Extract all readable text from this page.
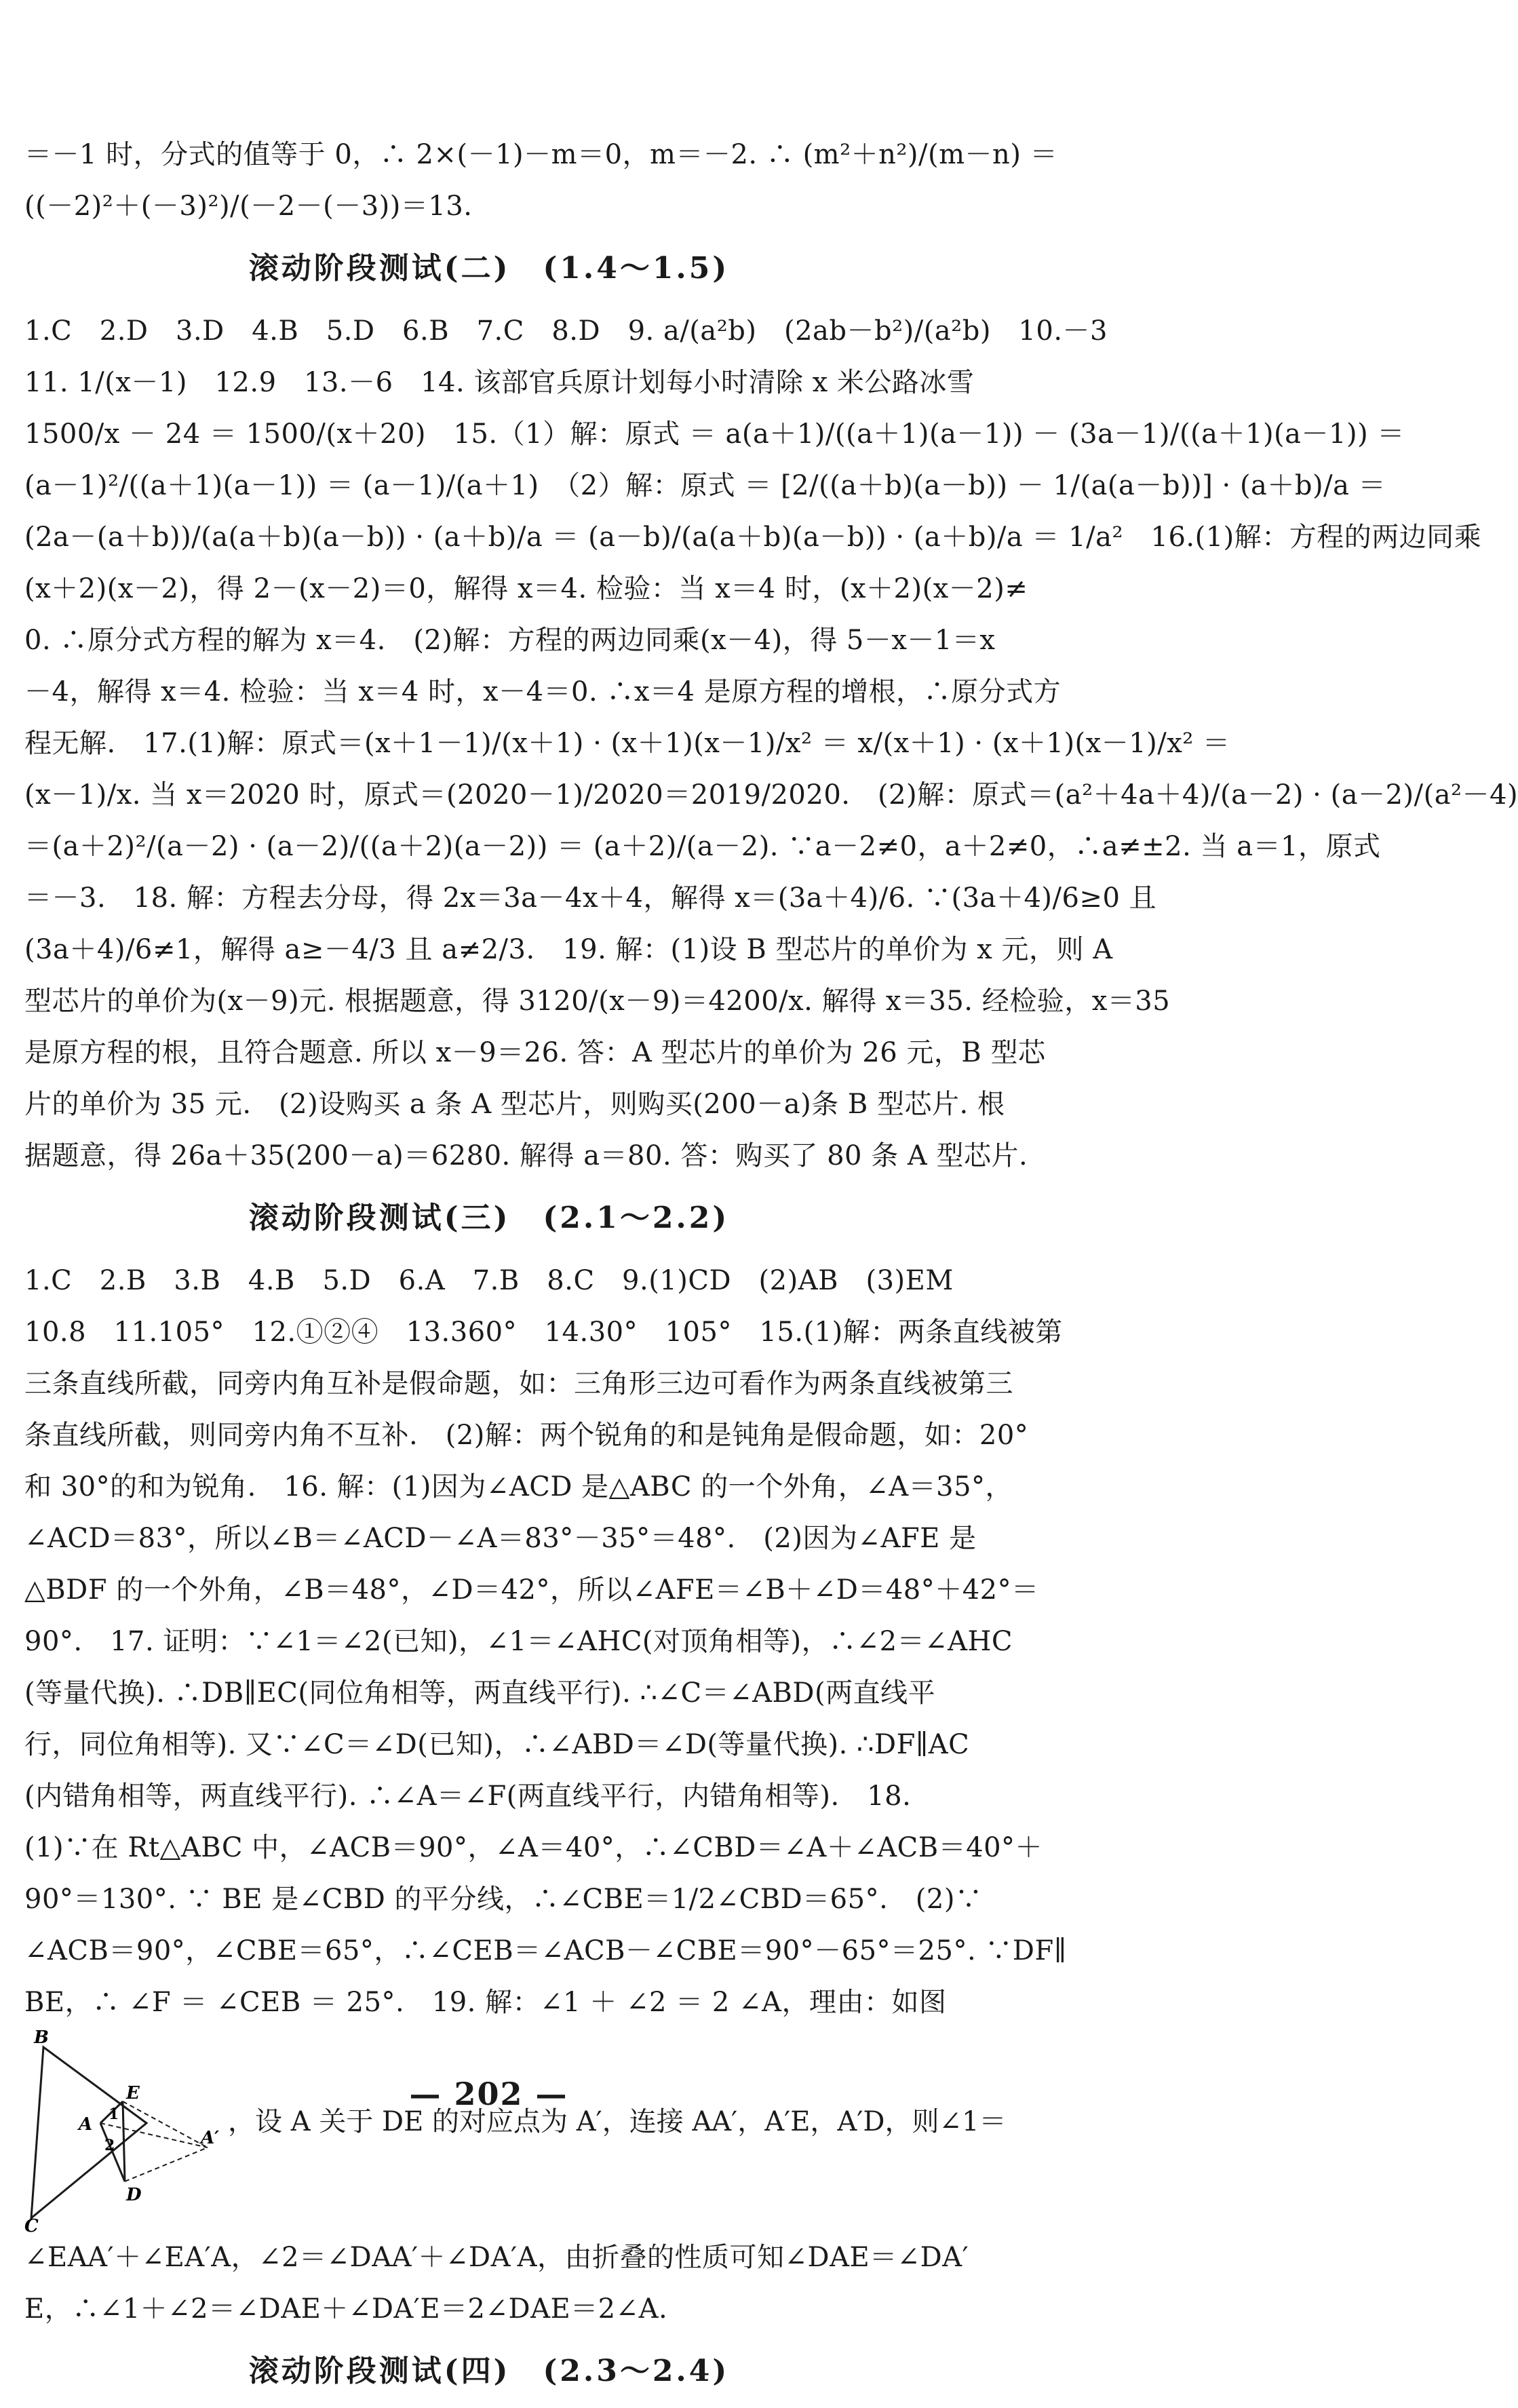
＝－1 时，分式的值等于 0，∴ 2×(－1)－m＝0，m＝－2. ∴ (m²＋n²)/(m－n) ＝
((－2)²＋(－3)²)/(－2－(－3))＝13.
滚动阶段测试(二)　(1.4～1.5)
1.C　2.D　3.D　4.B　5.D　6.B　7.C　8.D　9. a/(a²b)　(2ab－b²)/(a²b)　10.－3
11. 1/(x－1)　12.9　13.－6　14. 该部官兵原计划每小时清除 x 米公路冰雪
1500/x － 24 ＝ 1500/(x＋20)　15.（1）解：原式 ＝ a(a＋1)/((a＋1)(a－1)) － (3a－1)/((a＋1)(a－1)) ＝
(a－1)²/((a＋1)(a－1)) ＝ (a－1)/(a＋1)　（2）解：原式 ＝ [2/((a＋b)(a－b)) － 1/(a(a－b))] · (a＋b)/a ＝
(2a－(a＋b))/(a(a＋b)(a－b)) · (a＋b)/a ＝ (a－b)/(a(a＋b)(a－b)) · (a＋b)/a ＝ 1/a²　16.(1)解：方程的两边同乘
(x＋2)(x－2)，得 2－(x－2)＝0，解得 x＝4. 检验：当 x＝4 时，(x＋2)(x－2)≠
0. ∴原分式方程的解为 x＝4.　(2)解：方程的两边同乘(x－4)，得 5－x－1＝x
－4，解得 x＝4. 检验：当 x＝4 时，x－4＝0. ∴x＝4 是原方程的增根，∴原分式方
程无解.　17.(1)解：原式＝(x＋1－1)/(x＋1) · (x＋1)(x－1)/x² ＝ x/(x＋1) · (x＋1)(x－1)/x² ＝
(x－1)/x. 当 x＝2020 时，原式＝(2020－1)/2020＝2019/2020.　(2)解：原式＝(a²＋4a＋4)/(a－2) · (a－2)/(a²－4)
＝(a＋2)²/(a－2) · (a－2)/((a＋2)(a－2)) ＝ (a＋2)/(a－2). ∵a－2≠0，a＋2≠0，∴a≠±2. 当 a＝1，原式
＝－3.　18. 解：方程去分母，得 2x＝3a－4x＋4，解得 x＝(3a＋4)/6. ∵(3a＋4)/6≥0 且
(3a＋4)/6≠1，解得 a≥－4/3 且 a≠2/3.　19. 解：(1)设 B 型芯片的单价为 x 元，则 A
型芯片的单价为(x－9)元. 根据题意，得 3120/(x－9)＝4200/x. 解得 x＝35. 经检验，x＝35
是原方程的根，且符合题意. 所以 x－9＝26. 答：A 型芯片的单价为 26 元，B 型芯
片的单价为 35 元.　(2)设购买 a 条 A 型芯片，则购买(200－a)条 B 型芯片. 根
据题意，得 26a＋35(200－a)＝6280. 解得 a＝80. 答：购买了 80 条 A 型芯片.
滚动阶段测试(三)　(2.1～2.2)
1.C　2.B　3.B　4.B　5.D　6.A　7.B　8.C　9.(1)CD　(2)AB　(3)EM
10.8　11.105°　12.①②④　13.360°　14.30°　105°　15.(1)解：两条直线被第
三条直线所截，同旁内角互补是假命题，如：三角形三边可看作为两条直线被第三
条直线所截，则同旁内角不互补.　(2)解：两个锐角的和是钝角是假命题，如：20°
和 30°的和为锐角.　16. 解：(1)因为∠ACD 是△ABC 的一个外角，∠A＝35°，
∠ACD＝83°，所以∠B＝∠ACD－∠A＝83°－35°＝48°.　(2)因为∠AFE 是
△BDF 的一个外角，∠B＝48°，∠D＝42°，所以∠AFE＝∠B＋∠D＝48°＋42°＝
90°.　17. 证明：∵∠1＝∠2(已知)，∠1＝∠AHC(对顶角相等)，∴∠2＝∠AHC
(等量代换). ∴DB∥EC(同位角相等，两直线平行). ∴∠C＝∠ABD(两直线平
行，同位角相等). 又∵∠C＝∠D(已知)，∴∠ABD＝∠D(等量代换). ∴DF∥AC
(内错角相等，两直线平行). ∴∠A＝∠F(两直线平行，内错角相等).　18.
(1)∵在 Rt△ABC 中，∠ACB＝90°，∠A＝40°，∴∠CBD＝∠A＋∠ACB＝40°＋
90°＝130°. ∵ BE 是∠CBD 的平分线，∴∠CBE＝1/2∠CBD＝65°.　(2)∵
∠ACB＝90°，∠CBE＝65°，∴∠CEB＝∠ACB－∠CBE＝90°－65°＝25°. ∵DF∥
BE，∴ ∠F ＝ ∠CEB ＝ 25°.　19. 解：∠1 ＋ ∠2 ＝ 2 ∠A，理由：如图
B
C
A
E
D
A′
1
2
，设 A 关于 DE 的对应点为 A′，连接 AA′，A′E，A′D，则∠1＝
∠EAA′＋∠EA′A，∠2＝∠DAA′＋∠DA′A，由折叠的性质可知∠DAE＝∠DA′
E，∴∠1＋∠2＝∠DAE＋∠DA′E＝2∠DAE＝2∠A.
滚动阶段测试(四)　(2.3～2.4)
— 202 —
